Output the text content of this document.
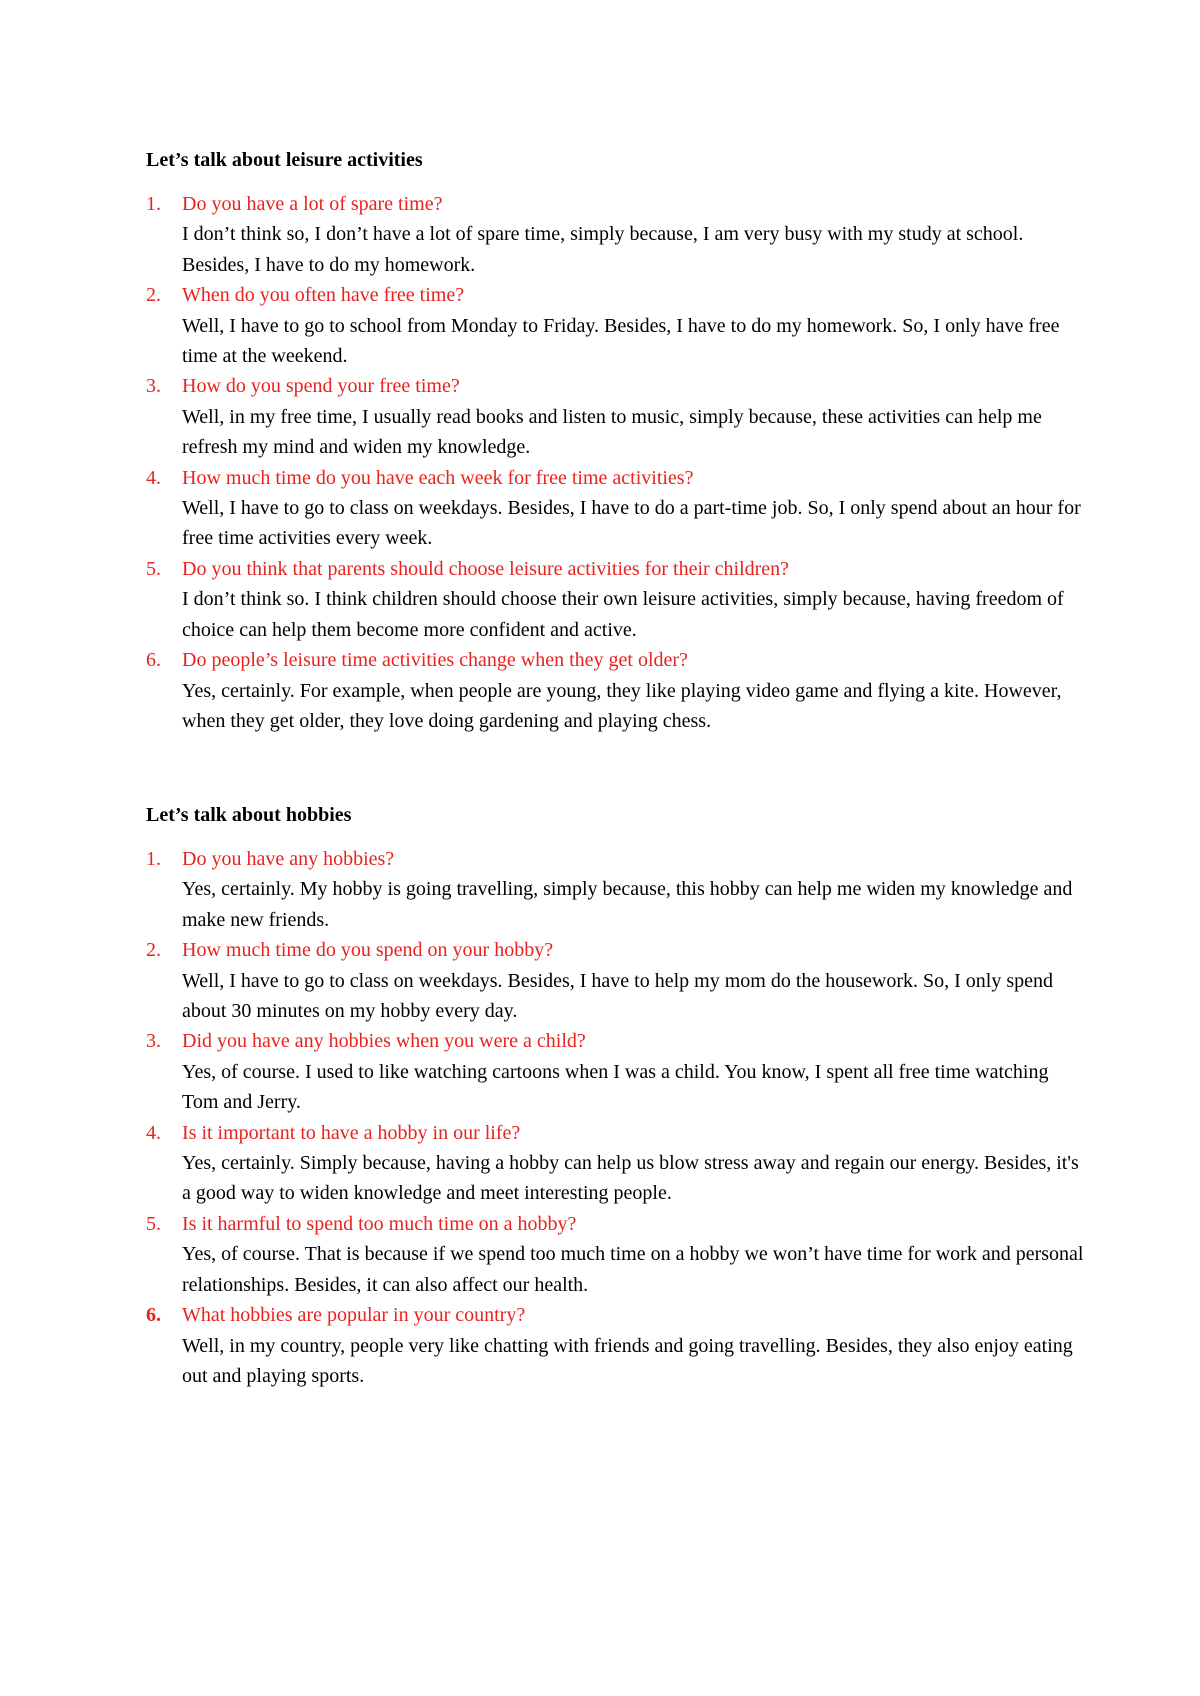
Let’s talk about leisure activities
1.	Do you have a lot of spare time?
I don’t think so, I don’t have a lot of spare time, simply because, I am very busy with my study at school. Besides, I have to do my homework.
2.	When do you often have free time?
Well, I have to go to school from Monday to Friday. Besides, I have to do my homework. So, I only have free time at the weekend.
3.	How do you spend your free time?
Well, in my free time, I usually read books and listen to music, simply because, these activities can help me refresh my mind and widen my knowledge.
4.	How much time do you have each week for free time activities?
Well, I have to go to class on weekdays. Besides, I have to do a part-time job. So, I only spend about an hour for free time activities every week.
5.	Do you think that parents should choose leisure activities for their children?
I don’t think so. I think children should choose their own leisure activities, simply because, having freedom of choice can help them become more confident and active.
6.	Do people’s leisure time activities change when they get older?
Yes, certainly. For example, when people are young, they like playing video game and flying a kite. However, when they get older, they love doing gardening and playing chess.
Let’s talk about hobbies
1.	Do you have any hobbies?
Yes, certainly. My hobby is going travelling, simply because, this hobby can help me widen my knowledge and make new friends.
2.	How much time do you spend on your hobby?
Well, I have to go to class on weekdays. Besides, I have to help my mom do the housework. So, I only spend about 30 minutes on my hobby every day.
3.	Did you have any hobbies when you were a child?
Yes, of course. I used to like watching cartoons when I was a child. You know, I spent all free time watching Tom and Jerry.
4.	Is it important to have a hobby in our life?
Yes, certainly. Simply because, having a hobby can help us blow stress away and regain our energy. Besides, it's a good way to widen knowledge and meet interesting people.
5.	Is it harmful to spend too much time on a hobby?
Yes, of course. That is because if we spend too much time on a hobby we won’t have time for work and personal relationships. Besides, it can also affect our health.
6.	What hobbies are popular in your country?
Well, in my country, people very like chatting with friends and going travelling. Besides, they also enjoy eating out and playing sports.
